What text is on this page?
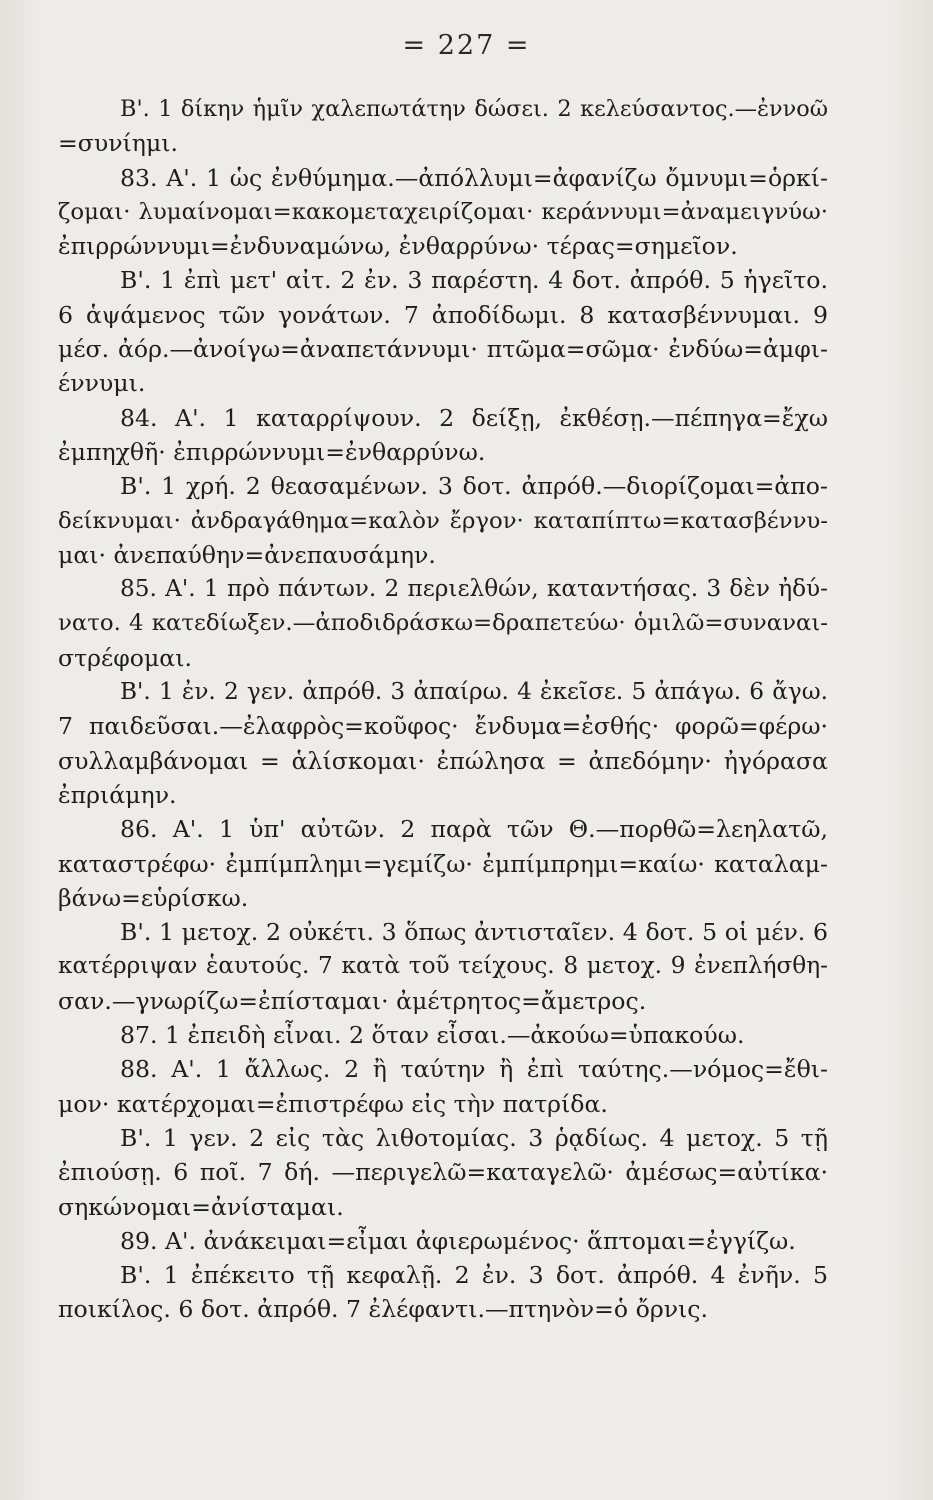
= 227 =
Β'. 1 δίκην ἡμῖν χαλεπωτάτην δώσει. 2 κελεύσαντος.—ἐννοῶ
=συνίημι.
83. Α'. 1 ὡς ἐνθύμημα.—ἀπόλλυμι=ἀφανίζω ὄμνυμι=ὁρκί-
ζομαι· λυμαίνομαι=κακομεταχειρίζομαι· κεράννυμι=ἀναμειγνύω·
ἐπιρρώννυμι=ἐνδυναμώνω, ἐνθαρρύνω· τέρας=σημεῖον.
Β'. 1 ἐπὶ μετ' αἰτ. 2 ἐν. 3 παρέστη. 4 δοτ. ἀπρόθ. 5 ἡγεῖτο.
6 ἁψάμενος τῶν γονάτων. 7 ἀποδίδωμι. 8 κατασβέννυμαι. 9
μέσ. ἀόρ.—ἀνοίγω=ἀναπετάννυμι· πτῶμα=σῶμα· ἐνδύω=ἀμφι-
έννυμι.
84. Α'. 1 καταρρίψουν. 2 δείξῃ, ἐκθέσῃ.—πέπηγα=ἔχω
ἐμπηχθῆ· ἐπιρρώννυμι=ἐνθαρρύνω.
Β'. 1 χρή. 2 θεασαμένων. 3 δοτ. ἀπρόθ.—διορίζομαι=ἀπο-
δείκνυμαι· ἀνδραγάθημα=καλὸν ἔργον· καταπίπτω=κατασβέννυ-
μαι· ἀνεπαύθην=ἀνεπαυσάμην.
85. Α'. 1 πρὸ πάντων. 2 περιελθών, καταντήσας. 3 δὲν ἠδύ-
νατο. 4 κατεδίωξεν.—ἀποδιδράσκω=δραπετεύω· ὁμιλῶ=συναναι-
στρέφομαι.
Β'. 1 ἐν. 2 γεν. ἀπρόθ. 3 ἀπαίρω. 4 ἐκεῖσε. 5 ἀπάγω. 6 ἄγω.
7 παιδεῦσαι.—ἐλαφρὸς=κοῦφος· ἔνδυμα=ἐσθής· φορῶ=φέρω·
συλλαμβάνομαι = ἁλίσκομαι· ἐπώλησα = ἀπεδόμην· ἠγόρασα
ἐπριάμην.
86. Α'. 1 ὑπ' αὐτῶν. 2 παρὰ τῶν Θ.—πορθῶ=λεηλατῶ,
καταστρέφω· ἐμπίμπλημι=γεμίζω· ἐμπίμπρημι=καίω· καταλαμ-
βάνω=εὑρίσκω.
Β'. 1 μετοχ. 2 οὐκέτι. 3 ὅπως ἀντισταῖεν. 4 δοτ. 5 οἱ μέν. 6
κατέρριψαν ἑαυτούς. 7 κατὰ τοῦ τείχους. 8 μετοχ. 9 ἐνεπλήσθη-
σαν.—γνωρίζω=ἐπίσταμαι· ἀμέτρητος=ἄμετρος.
87. 1 ἐπειδὴ εἶναι. 2 ὅταν εἶσαι.—ἀκούω=ὑπακούω.
88. Α'. 1 ἄλλως. 2 ἢ ταύτην ἢ ἐπὶ ταύτης.—νόμος=ἔθι-
μον· κατέρχομαι=ἐπιστρέφω εἰς τὴν πατρίδα.
Β'. 1 γεν. 2 εἰς τὰς λιθοτομίας. 3 ῥᾳδίως. 4 μετοχ. 5 τῇ
ἐπιούσῃ. 6 ποῖ. 7 δή. —περιγελῶ=καταγελῶ· ἀμέσως=αὐτίκα·
σηκώνομαι=ἀνίσταμαι.
89. Α'. ἀνάκειμαι=εἶμαι ἀφιερωμένος· ἅπτομαι=ἐγγίζω.
Β'. 1 ἐπέκειτο τῇ κεφαλῇ. 2 ἐν. 3 δοτ. ἀπρόθ. 4 ἐνῆν. 5
ποικίλος. 6 δοτ. ἀπρόθ. 7 ἐλέφαντι.—πτηνὸν=ὁ ὄρνις.
